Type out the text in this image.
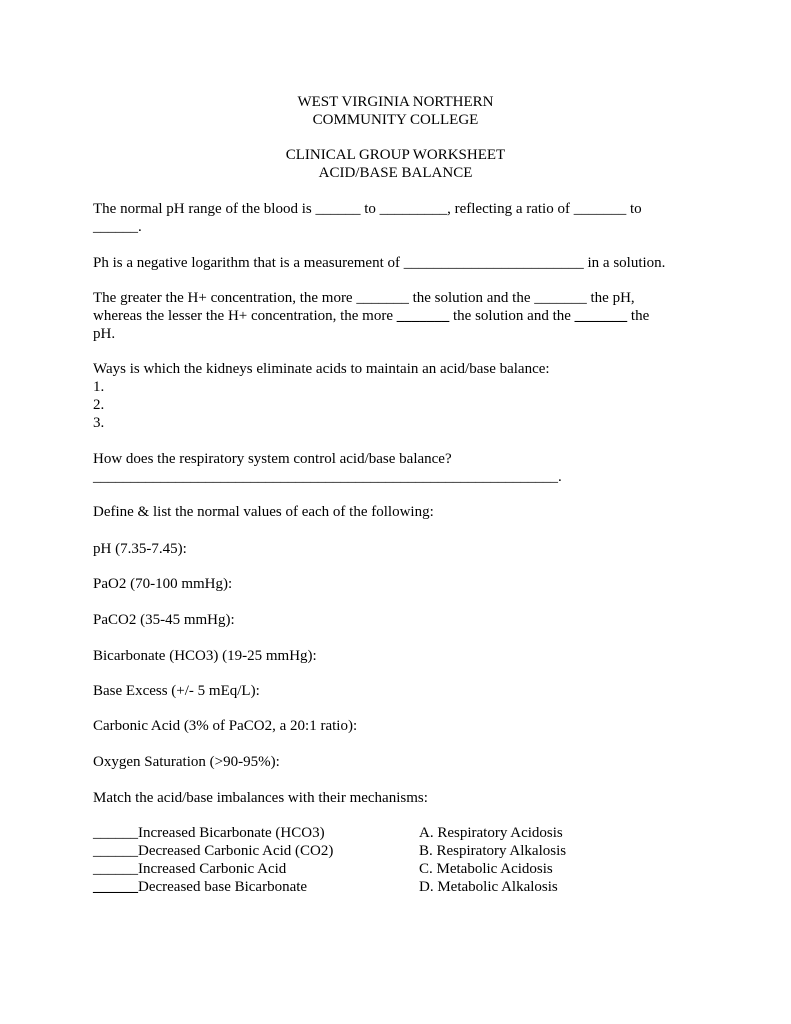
WEST VIRGINIA NORTHERN
COMMUNITY COLLEGE
CLINICAL GROUP WORKSHEET
ACID/BASE BALANCE
The normal pH range of the blood is ______ to _________, reflecting a ratio of _______ to
______.
Ph is a negative logarithm that is a measurement of ________________________ in a solution.
The greater the H+ concentration, the more _______ the solution and the _______ the pH,
whereas the lesser the H+ concentration, the more _______ the solution and the _______ the
pH.
Ways is which the kidneys eliminate acids to maintain an acid/base balance:
1.
2.
3.
How does the respiratory system control acid/base balance?
______________________________________________________________.
Define & list the normal values of each of the following:
pH (7.35-7.45):
PaO2 (70-100 mmHg):
PaCO2 (35-45 mmHg):
Bicarbonate (HCO3) (19-25 mmHg):
Base Excess (+/- 5 mEq/L):
Carbonic Acid (3% of PaCO2, a 20:1 ratio):
Oxygen Saturation (>90-95%):
Match the acid/base imbalances with their mechanisms:
______Increased Bicarbonate (HCO3)
______Decreased Carbonic Acid (CO2)
______Increased Carbonic Acid
______Decreased base Bicarbonate
A. Respiratory Acidosis
B. Respiratory Alkalosis
C. Metabolic Acidosis
D. Metabolic Alkalosis
